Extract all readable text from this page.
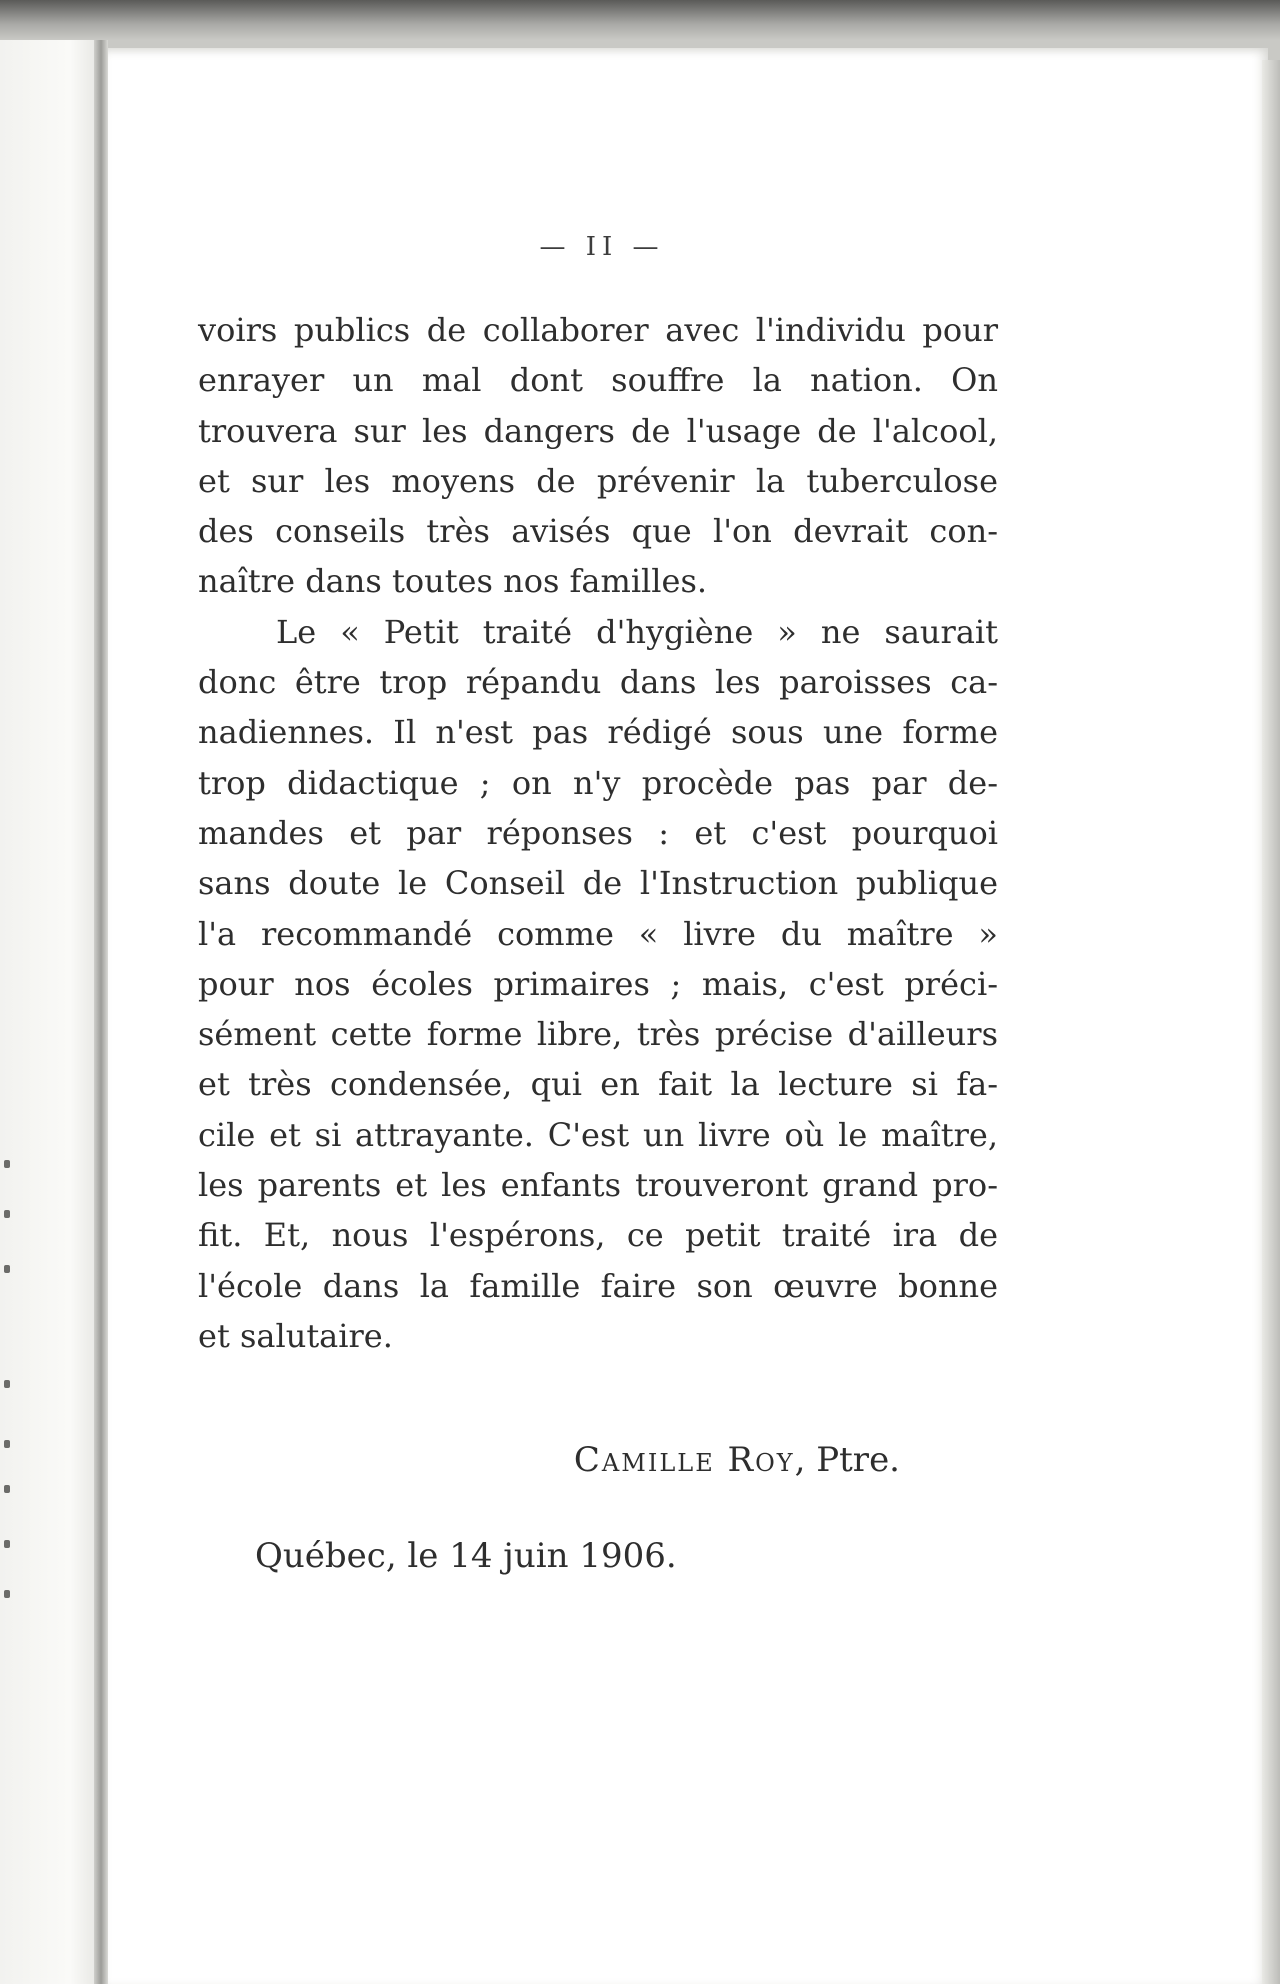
— II —
voirs publics de collaborer avec l'individu pour
enrayer un mal dont souffre la nation. On
trouvera sur les dangers de l'usage de l'alcool,
et sur les moyens de prévenir la tuberculose
des conseils très avisés que l'on devrait con-
naître dans toutes nos familles.
Le « Petit traité d'hygiène » ne saurait
donc être trop répandu dans les paroisses ca-
nadiennes. Il n'est pas rédigé sous une forme
trop didactique ; on n'y procède pas par de-
mandes et par réponses : et c'est pourquoi
sans doute le Conseil de l'Instruction publique
l'a recommandé comme « livre du maître »
pour nos écoles primaires ; mais, c'est préci-
sément cette forme libre, très précise d'ailleurs
et très condensée, qui en fait la lecture si fa-
cile et si attrayante. C'est un livre où le maître,
les parents et les enfants trouveront grand pro-
fit. Et, nous l'espérons, ce petit traité ira de
l'école dans la famille faire son œuvre bonne
et salutaire.
Camille Roy, Ptre.
Québec, le 14 juin 1906.
